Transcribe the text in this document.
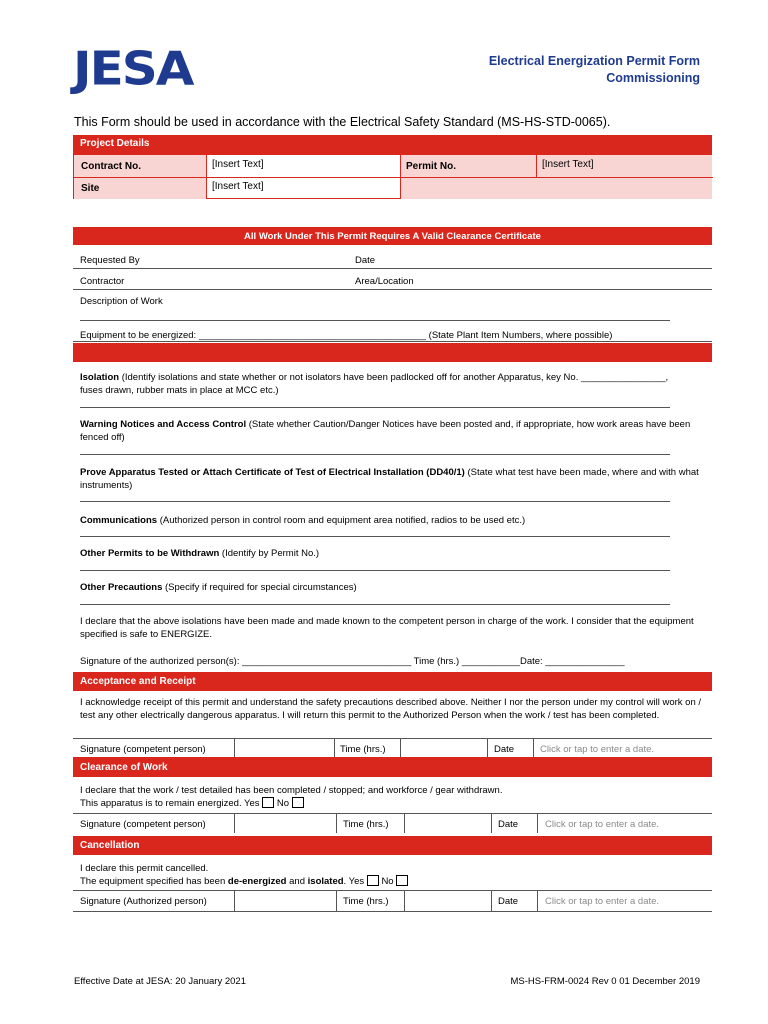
JESA	Electrical Energization Permit Form
Commissioning
This Form should be used in accordance with the Electrical Safety Standard (MS-HS-STD-0065).
Project Details
Contract No.	[Insert Text]	Permit No.	[Insert Text]
Site	[Insert Text]
All Work Under This Permit Requires A Valid Clearance Certificate
Requested By	Date
Contractor	Area/Location
Description of Work
Equipment to be energized: ___________________________________________ (State Plant Item Numbers, where possible)
Isolation (Identify isolations and state whether or not isolators have been padlocked off for another Apparatus, key No. ________________, fuses drawn, rubber mats in place at MCC etc.)
Warning Notices and Access Control (State whether Caution/Danger Notices have been posted and, if appropriate, how work areas have been fenced off)
Prove Apparatus Tested or Attach Certificate of Test of Electrical Installation (DD40/1) (State what test have been made, where and with what instruments)
Communications (Authorized person in control room and equipment area notified, radios to be used etc.)
Other Permits to be Withdrawn (Identify by Permit No.)
Other Precautions (Specify if required for special circumstances)
I declare that the above isolations have been made and made known to the competent person in charge of the work. I consider that the equipment specified is safe to ENERGIZE.
Signature of the authorized person(s): ________________________________ Time (hrs.) ___________Date: _______________
Acceptance and Receipt
I acknowledge receipt of this permit and understand the safety precautions described above. Neither I nor the person under my control will work on / test any other electrically dangerous apparatus. I will return this permit to the Authorized Person when the work / test has been completed.
Signature (competent person)	Time (hrs.)	Date	Click or tap to enter a date.
Clearance of Work
I declare that the work / test detailed has been completed / stopped; and workforce / gear withdrawn.
This apparatus is to remain energized. Yes No
Signature (competent person)	Time (hrs.)	Date	Click or tap to enter a date.
Cancellation
I declare this permit cancelled.
The equipment specified has been de-energized and isolated. Yes No
Signature (Authorized person)	Time (hrs.)	Date	Click or tap to enter a date.
Effective Date at JESA: 20 January 2021	MS-HS-FRM-0024 Rev 0 01 December 2019
